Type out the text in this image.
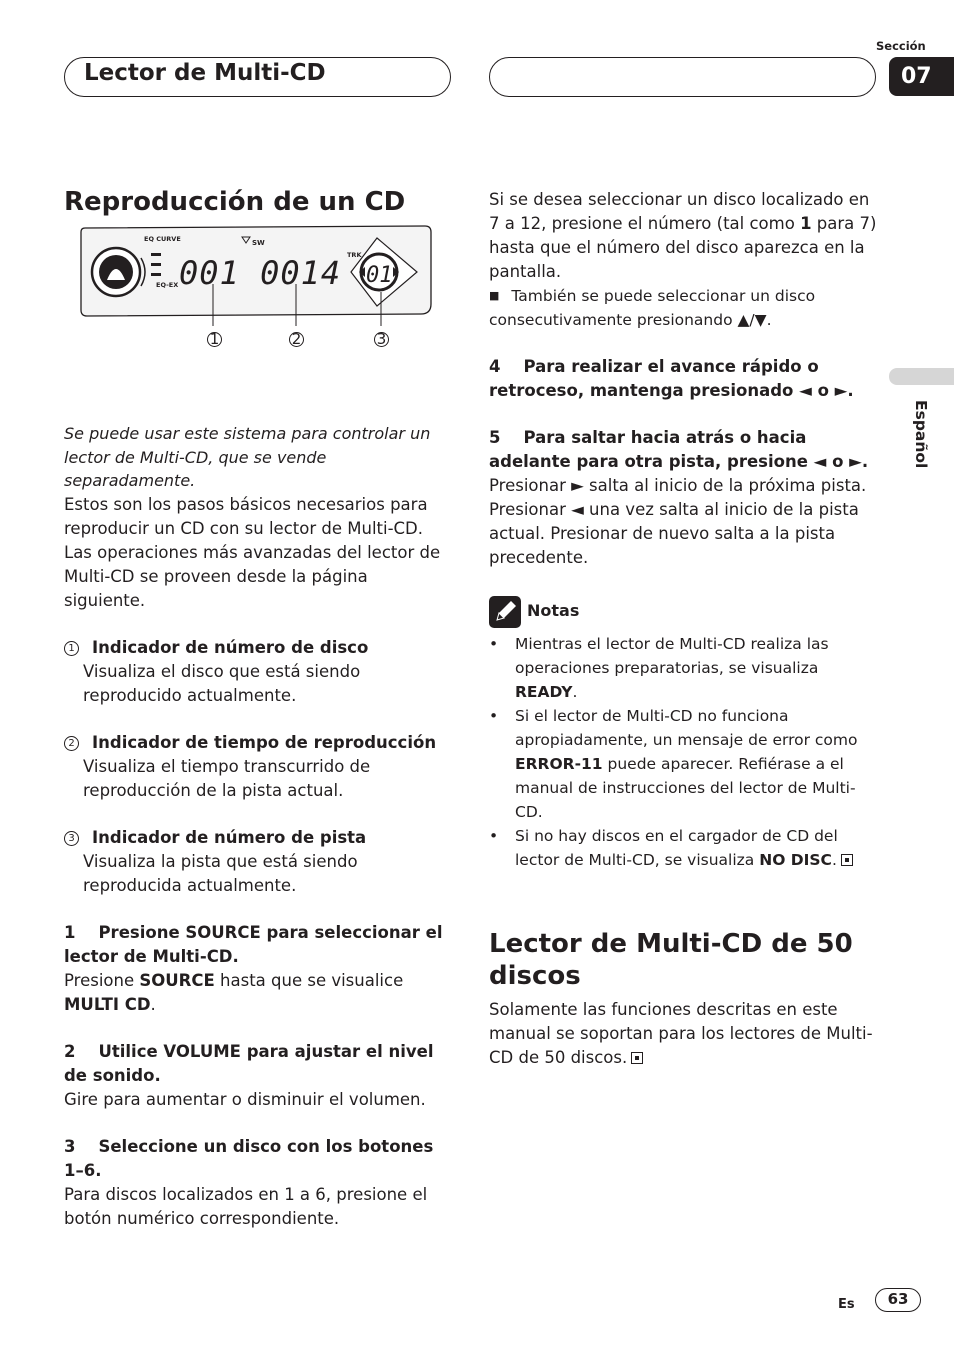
Lector de Multi-CD
Sección
07
Español
Reproducción de un CD
EQ CURVE
EQ-EX
SW
TRK
001 0014 01
1	2	3

Se puede usar este sistema para controlar un lector de Multi-CD, que se vende separadamente.

Estos son los pasos básicos necesarios para reproducir un CD con su lector de Multi-CD. Las operaciones más avanzadas del lector de Multi-CD se proveen desde la página siguiente.

1 Indicador de número de disco

Visualiza el disco que está siendo reproducido actualmente.

2 Indicador de tiempo de reproducción

Visualiza el tiempo transcurrido de reproducción de la pista actual.

3 Indicador de número de pista

Visualiza la pista que está siendo reproducida actualmente.

1    Presione SOURCE para seleccionar el lector de Multi-CD.

Presione SOURCE hasta que se visualice MULTI CD.

2    Utilice VOLUME para ajustar el nivel de sonido.

Gire para aumentar o disminuir el volumen.

3    Seleccione un disco con los botones 1–6.

Para discos localizados en 1 a 6, presione el botón numérico correspondiente.

Si se desea seleccionar un disco localizado en 7 a 12, presione el número (tal como 1 para 7) hasta que el número del disco aparezca en la pantalla.

■ También se puede seleccionar un disco consecutivamente presionando ▲/▼.

4    Para realizar el avance rápido o retroceso, mantenga presionado ◄ o ►.

5    Para saltar hacia atrás o hacia adelante para otra pista, presione ◄ o ►.

Presionar ► salta al inicio de la próxima pista. Presionar ◄ una vez salta al inicio de la pista actual. Presionar de nuevo salta a la pista precedente.

Notas

• Mientras el lector de Multi-CD realiza las operaciones preparatorias, se visualiza READY.

• Si el lector de Multi-CD no funciona apropiadamente, un mensaje de error como ERROR-11 puede aparecer. Refiérase a el manual de instrucciones del lector de Multi-CD.

• Si no hay discos en el cargador de CD del lector de Multi-CD, se visualiza NO DISC.

Lector de Multi-CD de 50 discos

Solamente las funciones descritas en este manual se soportan para los lectores de Multi-CD de 50 discos.

Es	63
